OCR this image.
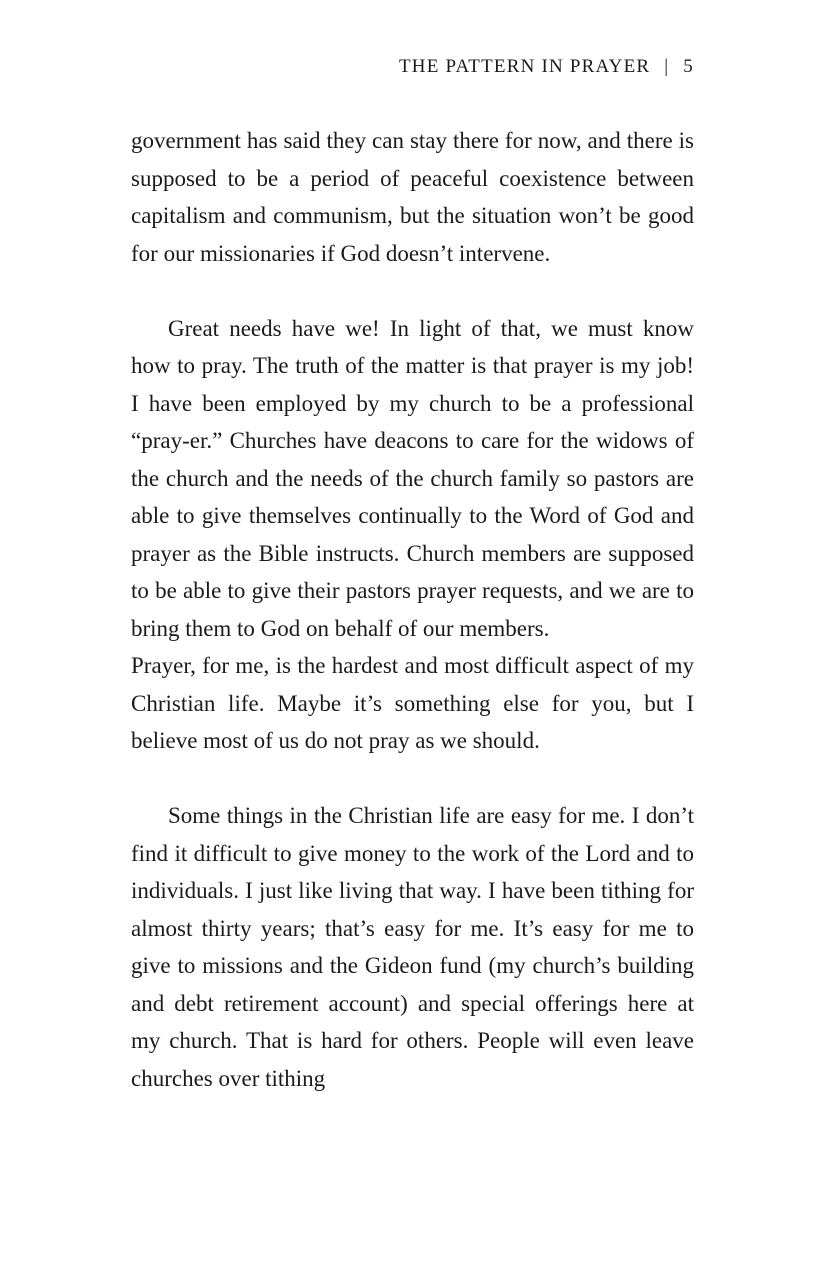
THE PATTERN IN PRAYER | 5

government has said they can stay there for now, and there is supposed to be a period of peaceful coexistence between capitalism and communism, but the situation won’t be good for our missionaries if God doesn’t intervene.

Great needs have we! In light of that, we must know how to pray. The truth of the matter is that prayer is my job! I have been employed by my church to be a professional “pray-er.” Churches have deacons to care for the widows of the church and the needs of the church family so pastors are able to give themselves continually to the Word of God and prayer as the Bible instructs. Church members are supposed to be able to give their pastors prayer requests, and we are to bring them to God on behalf of our members.

Prayer, for me, is the hardest and most difficult aspect of my Christian life. Maybe it’s something else for you, but I believe most of us do not pray as we should.

Some things in the Christian life are easy for me. I don’t find it difficult to give money to the work of the Lord and to individuals. I just like living that way. I have been tithing for almost thirty years; that’s easy for me. It’s easy for me to give to missions and the Gideon fund (my church’s building and debt retirement account) and special offerings here at my church. That is hard for others. People will even leave churches over tithing
